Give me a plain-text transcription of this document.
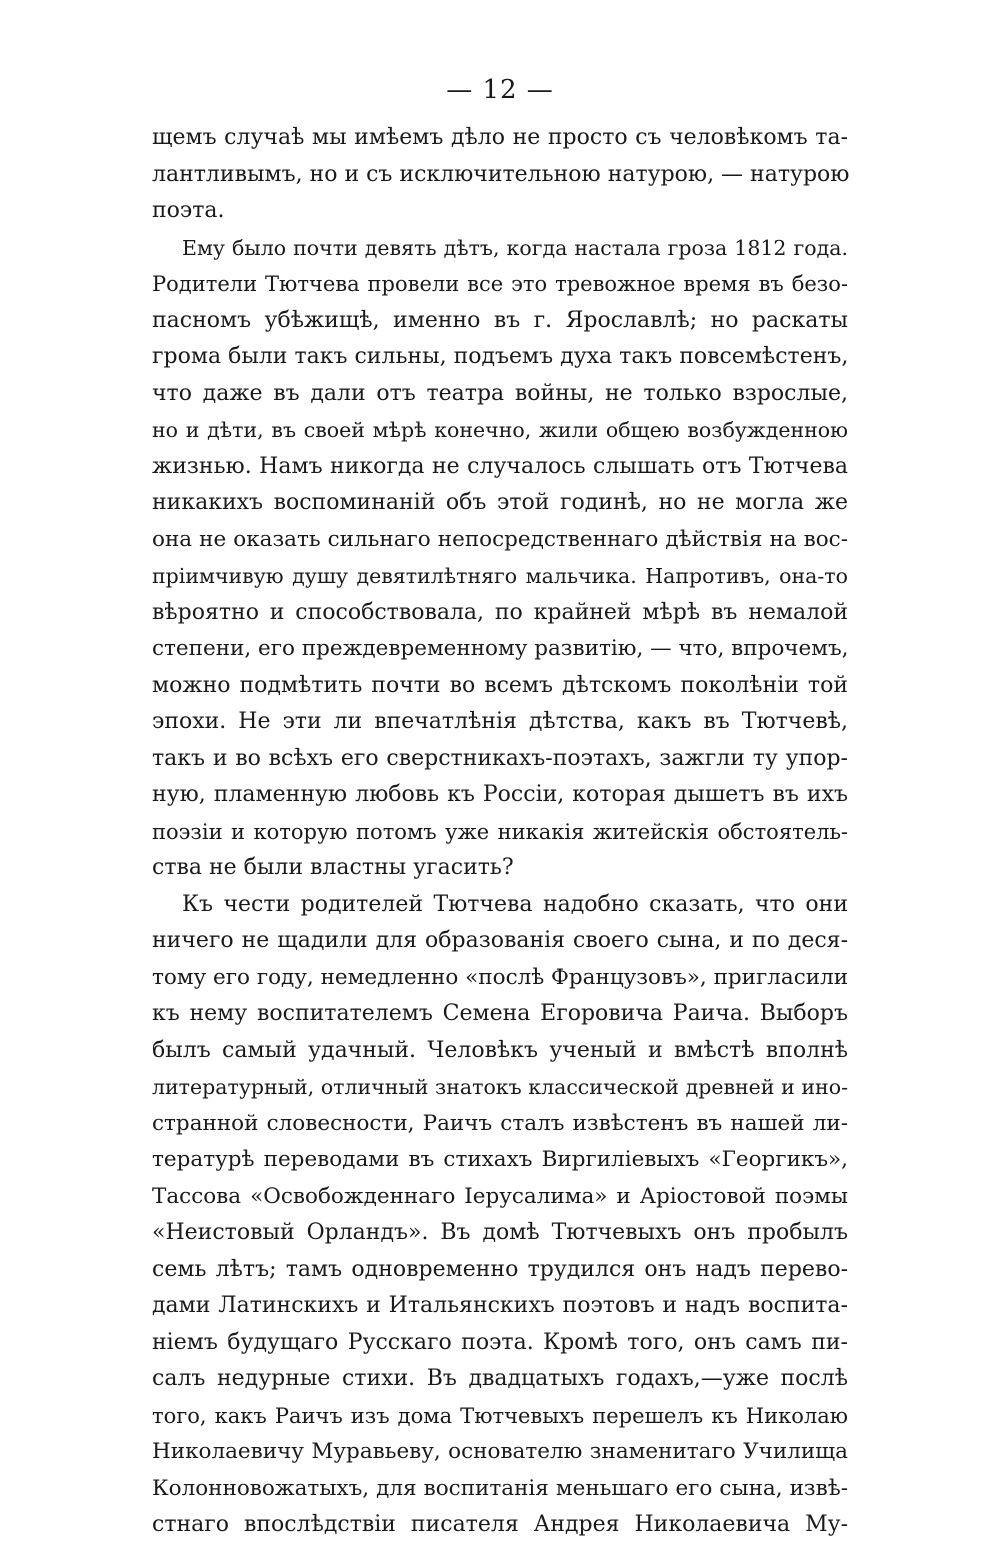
— 12 —
щемъ случаѣ мы имѣемъ дѣло не просто съ человѣкомъ та-
лантливымъ, но и съ исключительною натурою, — натурою
поэта.
Ему было почти девять дѣтъ, когда настала гроза 1812 года.
Родители Тютчева провели все это тревожное время въ безо-
пасномъ убѣжищѣ, именно въ г. Ярославлѣ; но раскаты
грома были такъ сильны, подъемъ духа такъ повсемѣстенъ,
что даже въ дали отъ театра войны, не только взрослые,
но и дѣти, въ своей мѣрѣ конечно, жили общею возбужденною
жизнью. Намъ никогда не случалось слышать отъ Тютчева
никакихъ воспоминаній объ этой годинѣ, но не могла же
она не оказать сильнаго непосредственнаго дѣйствія на вос-
пріимчивую душу девятилѣтняго мальчика. Напротивъ, она-то
вѣроятно и способствовала, по крайней мѣрѣ въ немалой
степени, его преждевременному развитію, — что, впрочемъ,
можно подмѣтить почти во всемъ дѣтскомъ поколѣніи той
эпохи. Не эти ли впечатлѣнія дѣтства, какъ въ Тютчевѣ,
такъ и во всѣхъ его сверстникахъ-поэтахъ, зажгли ту упор-
ную, пламенную любовь къ Россіи, которая дышетъ въ ихъ
поэзіи и которую потомъ уже никакія житейскія обстоятель-
ства не были властны угасить?
Къ чести родителей Тютчева надобно сказать, что они
ничего не щадили для образованія своего сына, и по деся-
тому его году, немедленно «послѣ Французовъ», пригласили
къ нему воспитателемъ Семена Егоровича Раича. Выборъ
былъ самый удачный. Человѣкъ ученый и вмѣстѣ вполнѣ
литературный, отличный знатокъ классической древней и ино-
странной словесности, Раичъ сталъ извѣстенъ въ нашей ли-
тературѣ переводами въ стихахъ Виргиліевыхъ «Георгикъ»,
Тассова «Освобожденнаго Іерусалима» и Аріостовой поэмы
«Неистовый Орландъ». Въ домѣ Тютчевыхъ онъ пробылъ
семь лѣтъ; тамъ одновременно трудился онъ надъ перево-
дами Латинскихъ и Итальянскихъ поэтовъ и надъ воспита-
ніемъ будущаго Русскаго поэта. Кромѣ того, онъ самъ пи-
салъ недурные стихи. Въ двадцатыхъ годахъ,—уже послѣ
того, какъ Раичъ изъ дома Тютчевыхъ перешелъ къ Николаю
Николаевичу Муравьеву, основателю знаменитаго Училища
Колонновожатыхъ, для воспитанія меньшаго его сына, извѣ-
стнаго впослѣдствіи писателя Андрея Николаевича Му-
